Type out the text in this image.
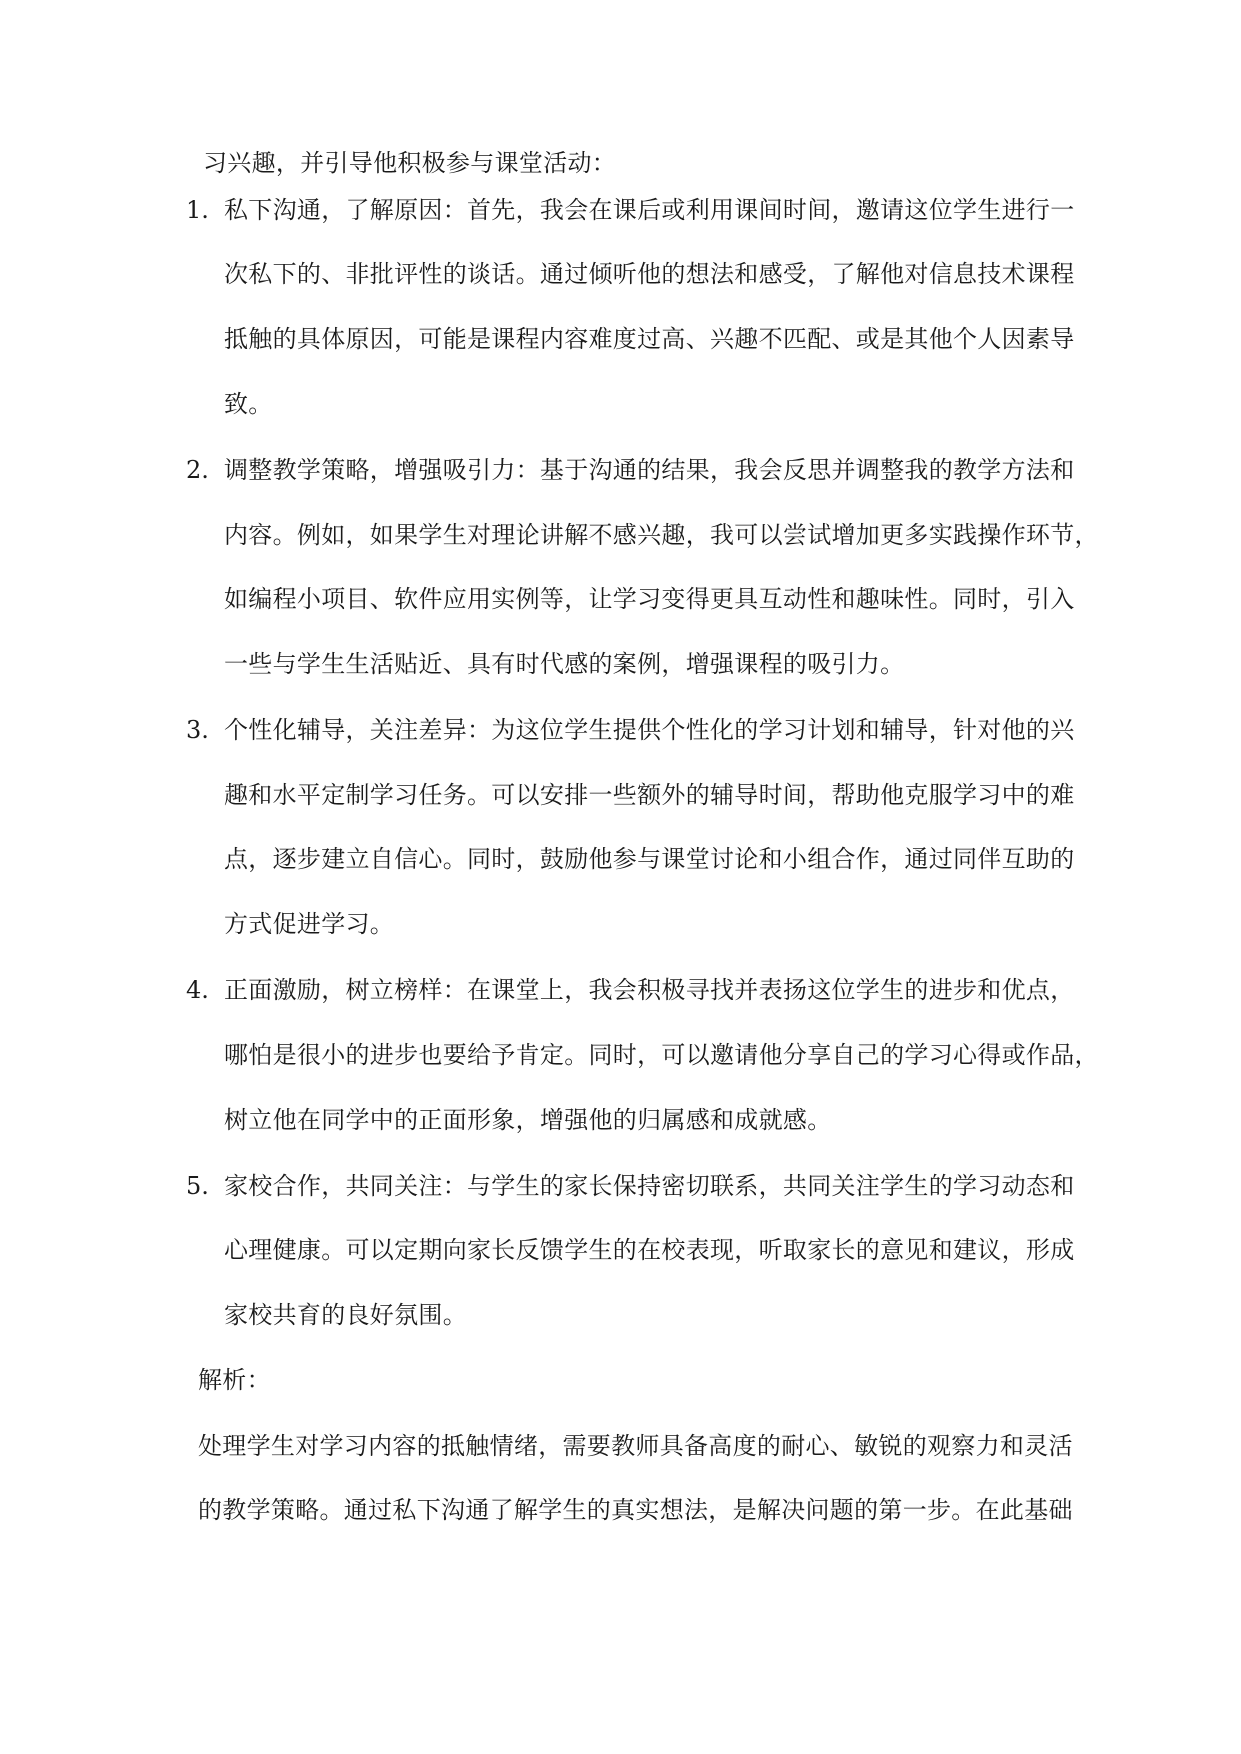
习兴趣，并引导他积极参与课堂活动：
1. 私下沟通，了解原因：首先，我会在课后或利用课间时间，邀请这位学生进行一
次私下的、非批评性的谈话。通过倾听他的想法和感受，了解他对信息技术课程
抵触的具体原因，可能是课程内容难度过高、兴趣不匹配、或是其他个人因素导
致。
2. 调整教学策略，增强吸引力：基于沟通的结果，我会反思并调整我的教学方法和
内容。例如，如果学生对理论讲解不感兴趣，我可以尝试增加更多实践操作环节，
如编程小项目、软件应用实例等，让学习变得更具互动性和趣味性。同时，引入
一些与学生生活贴近、具有时代感的案例，增强课程的吸引力。
3. 个性化辅导，关注差异：为这位学生提供个性化的学习计划和辅导，针对他的兴
趣和水平定制学习任务。可以安排一些额外的辅导时间，帮助他克服学习中的难
点，逐步建立自信心。同时，鼓励他参与课堂讨论和小组合作，通过同伴互助的
方式促进学习。
4. 正面激励，树立榜样：在课堂上，我会积极寻找并表扬这位学生的进步和优点，
哪怕是很小的进步也要给予肯定。同时，可以邀请他分享自己的学习心得或作品，
树立他在同学中的正面形象，增强他的归属感和成就感。
5. 家校合作，共同关注：与学生的家长保持密切联系，共同关注学生的学习动态和
心理健康。可以定期向家长反馈学生的在校表现，听取家长的意见和建议，形成
家校共育的良好氛围。
解析：
处理学生对学习内容的抵触情绪，需要教师具备高度的耐心、敏锐的观察力和灵活
的教学策略。通过私下沟通了解学生的真实想法，是解决问题的第一步。在此基础
